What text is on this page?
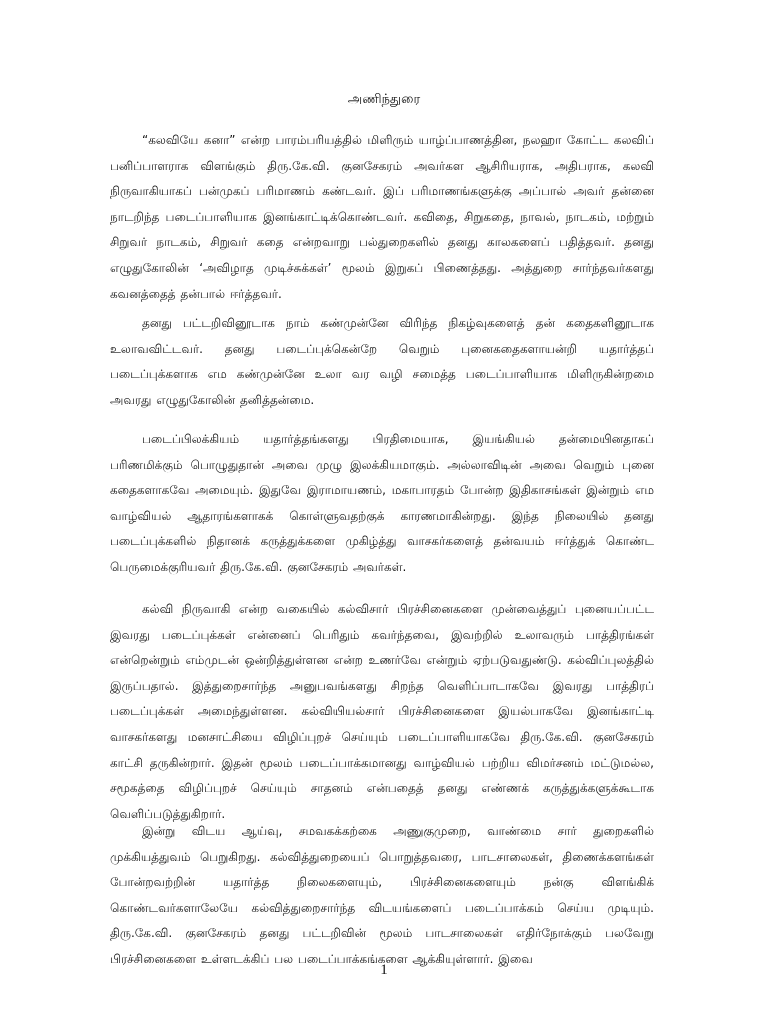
அணிந்துரை

“கலவியே கனா” என்ற பாரம்பரியத்தில் மிளிரும் யாழ்ப்பாணத்தின, நலஹா கோட்ட கலவிப் பனிப்பாளராக விளங்கும் திரு.கே.வி. குனசேகரம் அவர்கள ஆசிரியராக, அதிபராக, கலவி நிருவாகியாகப் பன்முகப் பரிமாணம் கண்டவர். இப் பரிமாணங்களுக்கு அப்பால் அவர் தன்னை நாடறிந்த படைப்பாளியாக இனங்காட்டிக்கொண்டவர். கவிதை, சிறுகதை, நாவல், நாடகம், மற்றும் சிறுவர் நாடகம், சிறுவர் கதை என்றவாறு பல்துறைகளில் தனது காலகளைப் பதித்தவர். தனது எழுதுகோலின் ‘அவிழாத முடிச்சுக்கள்’ மூலம் இறுகப் பிணைத்தது. அத்துறை சார்ந்தவர்களது கவனத்தைத் தன்பால் ஈர்த்தவர்.

தனது பட்டறிவினூடாக நாம் கண்முன்னே விரிந்த நிகழ்வுகளைத் தன் கதைகளினூடாக உலாவவிட்டவர். தனது படைப்புக்கென்றே வெறும் புனைகதைகளாயன்றி யதார்த்தப் படைப்புக்களாக எம கண்முன்னே உலா வர வழி சமைத்த படைப்பாளியாக மிளிருகின்றமை அவரது எழுதுகோலின் தனித்தன்மை.

படைப்பிலக்கியம் யதார்த்தங்களது பிரதிமையாக, இயங்கியல் தன்மையினதாகப் பரிணமிக்கும் பொழுதுதான் அவை முழு இலக்கியமாகும். அல்லாவிடின் அவை வெறும் புனை கதைகளாகவே அமையும். இதுவே இராமாயணம், மகாபாரதம் போன்ற இதிகாசங்கள் இன்றும் எம வாழ்வியல் ஆதாரங்களாகக் கொள்ளுவதற்குக் காரணமாகின்றது. இந்த நிலையில் தனது படைப்புக்களில் நிதானக் கருத்துக்களை முகிழ்த்து வாசகர்களைத் தன்வயம் ஈர்த்துக் கொண்ட பெருமைக்குரியவர் திரு.கே.வி. குனசேகரம் அவர்கள்.

கல்வி நிருவாகி என்ற வகையில் கல்விசார் பிரச்சினைகளை முன்வைத்துப் புனையப்பட்ட இவரது படைப்புக்கள் என்னைப் பெரிதும் கவர்ந்தவை, இவற்றில் உலாவரும் பாத்திரங்கள் என்றென்றும் எம்முடன் ஒன்றித்துள்ளன என்ற உணர்வே என்றும் ஏற்படுவதுண்டு. கல்விப்புலத்தில் இருப்பதால். இத்துறைசார்ந்த அனுபவங்களது சிறந்த வெளிப்பாடாகவே இவரது பாத்திரப் படைப்புக்கள் அமைந்துள்ளன. கல்வியியல்சார் பிரச்சினைகளை இயல்பாகவே இனங்காட்டி வாசகர்களது மனசாட்சியை விழிப்புறச் செய்யும் படைப்பாளியாகவே திரு.கே.வி. குனசேகரம் காட்சி தருகின்றார். இதன் மூலம் படைப்பாக்கமானது வாழ்வியல் பற்றிய விமர்சனம் மட்டுமல்ல, சமூகத்தை விழிப்புறச் செய்யும் சாதனம் என்பதைத் தனது எண்ணக் கருத்துக்களுக்கூடாக வெளிப்படுத்துகிறார்.

இன்று விடய ஆய்வு, சமவகக்கற்கை அணுகுமுறை, வாண்மை சார் துறைகளில் முக்கியத்துவம் பெறுகிறது. கல்வித்துறையைப் பொறுத்தவரை, பாடசாலைகள், திணைக்களங்கள் போன்றவற்றின் யதார்த்த நிலைகளையும், பிரச்சினைகளையும் நன்கு விளங்கிக் கொண்டவர்களாலேயே கல்வித்துறைசார்ந்த விடயங்களைப் படைப்பாக்கம் செய்ய முடியும். திரு.கே.வி. குனசேகரம் தனது பட்டறிவின் மூலம் பாடசாலைகள் எதிர்நோக்கும் பலவேறு பிரச்சினைகளை உள்ளடக்கிப் பல படைப்பாக்கங்களை ஆக்கியுள்ளார். இவை

1
